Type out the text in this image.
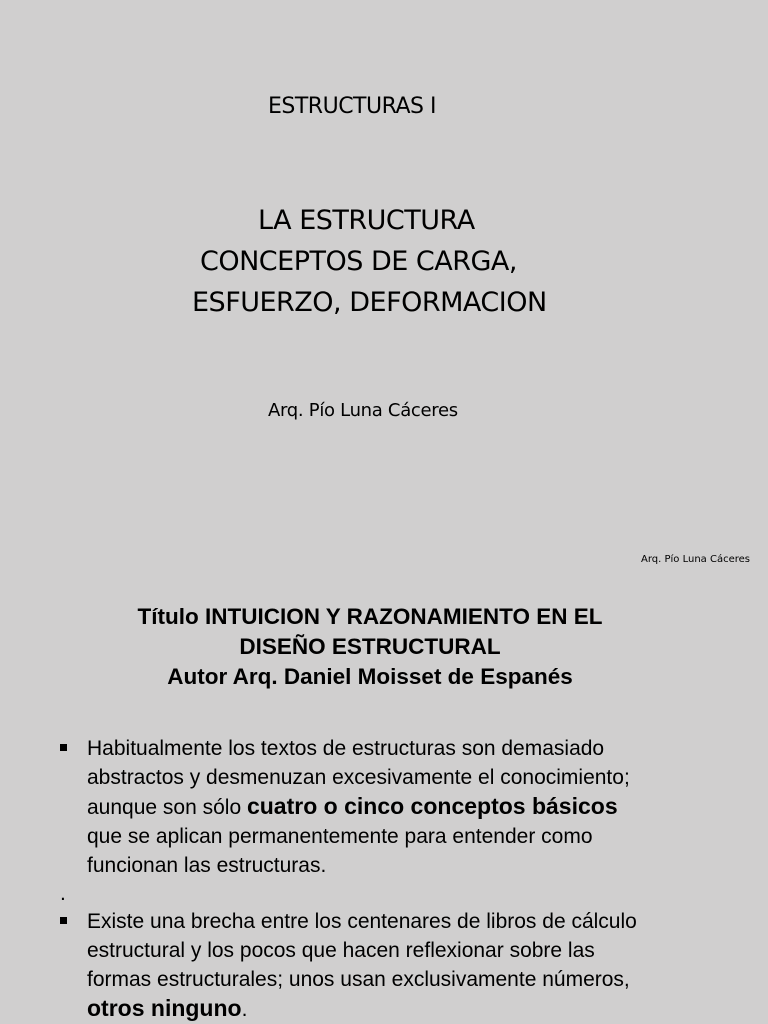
ESTRUCTURAS I
LA ESTRUCTURA
CONCEPTOS DE CARGA,
ESFUERZO, DEFORMACION
Arq. Pío Luna Cáceres
Arq. Pío Luna Cáceres
Título INTUICION Y RAZONAMIENTO EN EL
DISEÑO ESTRUCTURAL
Autor Arq. Daniel Moisset de Espanés
Habitualmente los textos de estructuras son demasiado
abstractos y desmenuzan excesivamente el conocimiento;
aunque son sólo cuatro o cinco conceptos básicos
que se aplican permanentemente para entender como
funcionan las estructuras.
.
Existe una brecha entre los centenares de libros de cálculo
estructural y los pocos que hacen reflexionar sobre las
formas estructurales; unos usan exclusivamente números,
otros ninguno.
